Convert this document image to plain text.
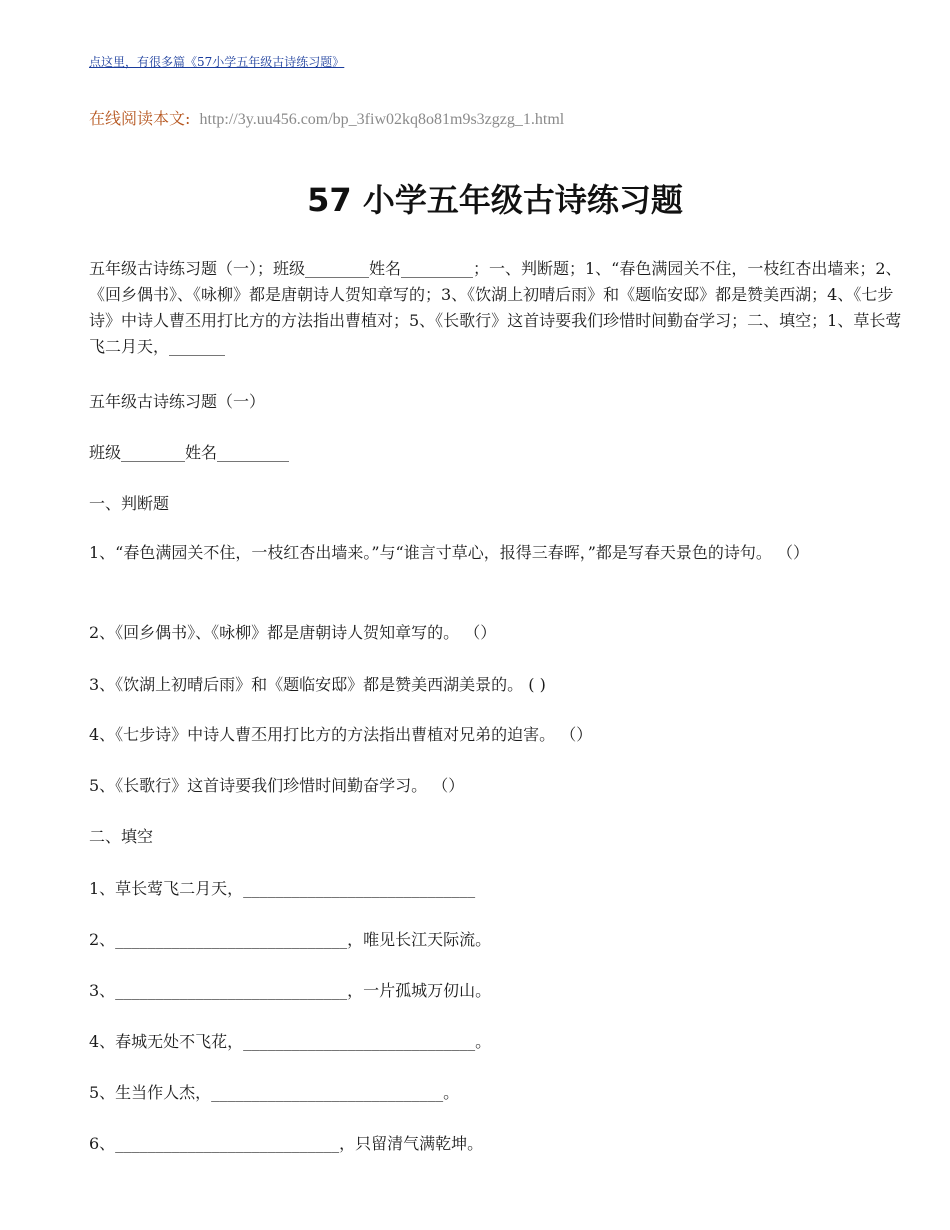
点这里，有很多篇《57小学五年级古诗练习题》
在线阅读本文: http://3y.uu456.com/bp_3fiw02kq8o81m9s3zgzg_1.html
57 小学五年级古诗练习题
五年级古诗练习题（一）；班级________姓名_________；一、判断题；1、“春色满园关不住，一枝红杏出墙来；2、《回乡偶书》、《咏柳》都是唐朝诗人贺知章写的；3、《饮湖上初晴后雨》和《题临安邸》都是赞美西湖；4、《七步诗》中诗人曹丕用打比方的方法指出曹植对；5、《长歌行》这首诗要我们珍惜时间勤奋学习；二、填空；1、草长莺飞二月天，_______
五年级古诗练习题（一）
班级________姓名_________
一、判断题
1、“春色满园关不住，一枝红杏出墙来。”与“谁言寸草心，报得三春晖，”都是写春天景色的诗句。 （）
2、《回乡偶书》、《咏柳》都是唐朝诗人贺知章写的。 （）
3、《饮湖上初晴后雨》和《题临安邸》都是赞美西湖美景的。 ( )
4、《七步诗》中诗人曹丕用打比方的方法指出曹植对兄弟的迫害。 （）
5、《长歌行》这首诗要我们珍惜时间勤奋学习。 （）
二、填空
1、草长莺飞二月天，_____________________________
2、_____________________________，唯见长江天际流。
3、_____________________________，一片孤城万仞山。
4、春城无处不飞花，_____________________________。
5、生当作人杰，_____________________________。
6、____________________________，只留清气满乾坤。
